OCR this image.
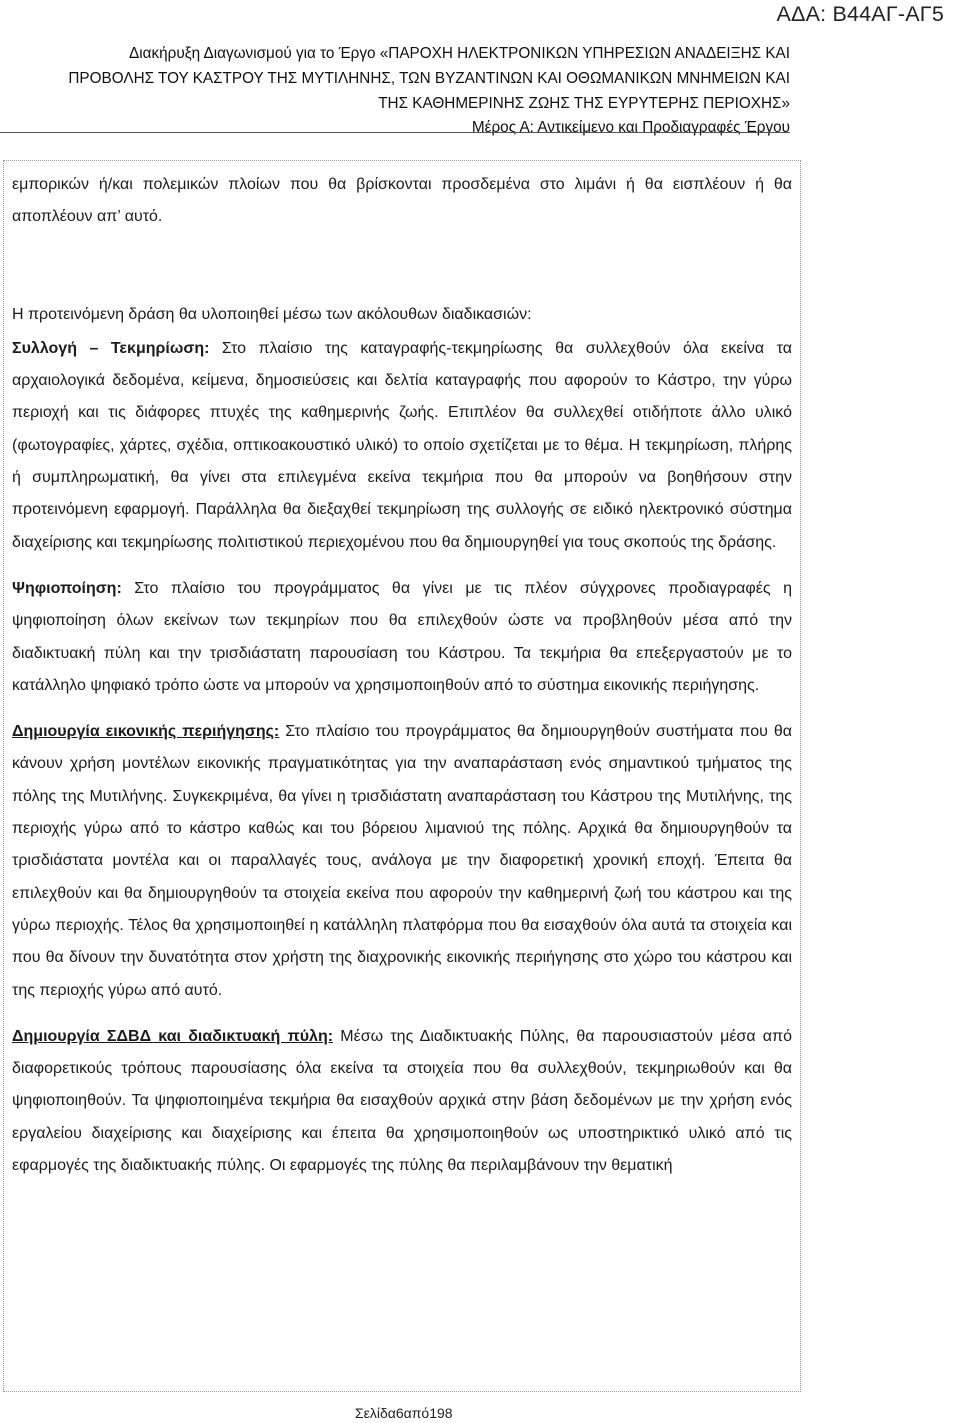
ΑΔΑ: Β44ΑΓ-ΑΓ5
Διακήρυξη Διαγωνισμού για το Έργο «ΠΑΡΟΧΗ ΗΛΕΚΤΡΟΝΙΚΩΝ ΥΠΗΡΕΣΙΩΝ ΑΝΑΔΕΙΞΗΣ ΚΑΙ
ΠΡΟΒΟΛΗΣ ΤΟΥ ΚΑΣΤΡΟΥ ΤΗΣ ΜΥΤΙΛΗΝΗΣ, ΤΩΝ ΒΥΖΑΝΤΙΝΩΝ ΚΑΙ ΟΘΩΜΑΝΙΚΩΝ ΜΝΗΜΕΙΩΝ ΚΑΙ
ΤΗΣ ΚΑΘΗΜΕΡΙΝΗΣ ΖΩΗΣ ΤΗΣ ΕΥΡΥΤΕΡΗΣ ΠΕΡΙΟΧΗΣ»
Μέρος Α: Αντικείμενο και Προδιαγραφές Έργου

εμπορικών ή/και πολεμικών πλοίων που θα βρίσκονται προσδεμένα στο λιμάνι ή θα εισπλέουν ή θα αποπλέουν απ’ αυτό.

Η προτεινόμενη δράση θα υλοποιηθεί μέσω των ακόλουθων διαδικασιών:

Συλλογή – Τεκμηρίωση: Στο πλαίσιο της καταγραφής-τεκμηρίωσης θα συλλεχθούν όλα εκείνα τα αρχαιολογικά δεδομένα, κείμενα, δημοσιεύσεις και δελτία καταγραφής που αφορούν το Κάστρο, την γύρω περιοχή και τις διάφορες πτυχές της καθημερινής ζωής. Επιπλέον θα συλλεχθεί οτιδήποτε άλλο υλικό (φωτογραφίες, χάρτες, σχέδια, οπτικοακουστικό υλικό) το οποίο σχετίζεται με το θέμα. Η τεκμηρίωση, πλήρης ή συμπληρωματική, θα γίνει στα επιλεγμένα εκείνα τεκμήρια που θα μπορούν να βοηθήσουν στην προτεινόμενη εφαρμογή. Παράλληλα θα διεξαχθεί τεκμηρίωση της συλλογής σε ειδικό ηλεκτρονικό σύστημα διαχείρισης και τεκμηρίωσης πολιτιστικού περιεχομένου που θα δημιουργηθεί για τους σκοπούς της δράσης.

Ψηφιοποίηση: Στο πλαίσιο του προγράμματος θα γίνει με τις πλέον σύγχρονες προδιαγραφές η ψηφιοποίηση όλων εκείνων των τεκμηρίων που θα επιλεχθούν ώστε να προβληθούν μέσα από την διαδικτυακή πύλη και την τρισδιάστατη παρουσίαση του Κάστρου. Τα τεκμήρια θα επεξεργαστούν με το κατάλληλο ψηφιακό τρόπο ώστε να μπορούν να χρησιμοποιηθούν από το σύστημα εικονικής περιήγησης.

Δημιουργία εικονικής περιήγησης: Στο πλαίσιο του προγράμματος θα δημιουργηθούν συστήματα που θα κάνουν χρήση μοντέλων εικονικής πραγματικότητας για την αναπαράσταση ενός σημαντικού τμήματος της πόλης της Μυτιλήνης. Συγκεκριμένα, θα γίνει η τρισδιάστατη αναπαράσταση του Κάστρου της Μυτιλήνης, της περιοχής γύρω από το κάστρο καθώς και του βόρειου λιμανιού της πόλης. Αρχικά θα δημιουργηθούν τα τρισδιάστατα μοντέλα και οι παραλλαγές τους, ανάλογα με την διαφορετική χρονική εποχή. Έπειτα θα επιλεχθούν και θα δημιουργηθούν τα στοιχεία εκείνα που αφορούν την καθημερινή ζωή του κάστρου και της γύρω περιοχής. Τέλος θα χρησιμοποιηθεί η κατάλληλη πλατφόρμα που θα εισαχθούν όλα αυτά τα στοιχεία και που θα δίνουν την δυνατότητα στον χρήστη της διαχρονικής εικονικής περιήγησης στο χώρο του κάστρου και της περιοχής γύρω από αυτό.

Δημιουργία ΣΔΒΔ και διαδικτυακή πύλη: Μέσω της Διαδικτυακής Πύλης, θα παρουσιαστούν μέσα από διαφορετικούς τρόπους παρουσίασης όλα εκείνα τα στοιχεία που θα συλλεχθούν, τεκμηριωθούν και θα ψηφιοποιηθούν. Τα ψηφιοποιημένα τεκμήρια θα εισαχθούν αρχικά στην βάση δεδομένων με την χρήση ενός εργαλείου διαχείρισης και διαχείρισης και έπειτα θα χρησιμοποιηθούν ως υποστηρικτικό υλικό από τις εφαρμογές της διαδικτυακής πύλης. Οι εφαρμογές της πύλης θα περιλαμβάνουν την θεματική

Σελίδα6από198
